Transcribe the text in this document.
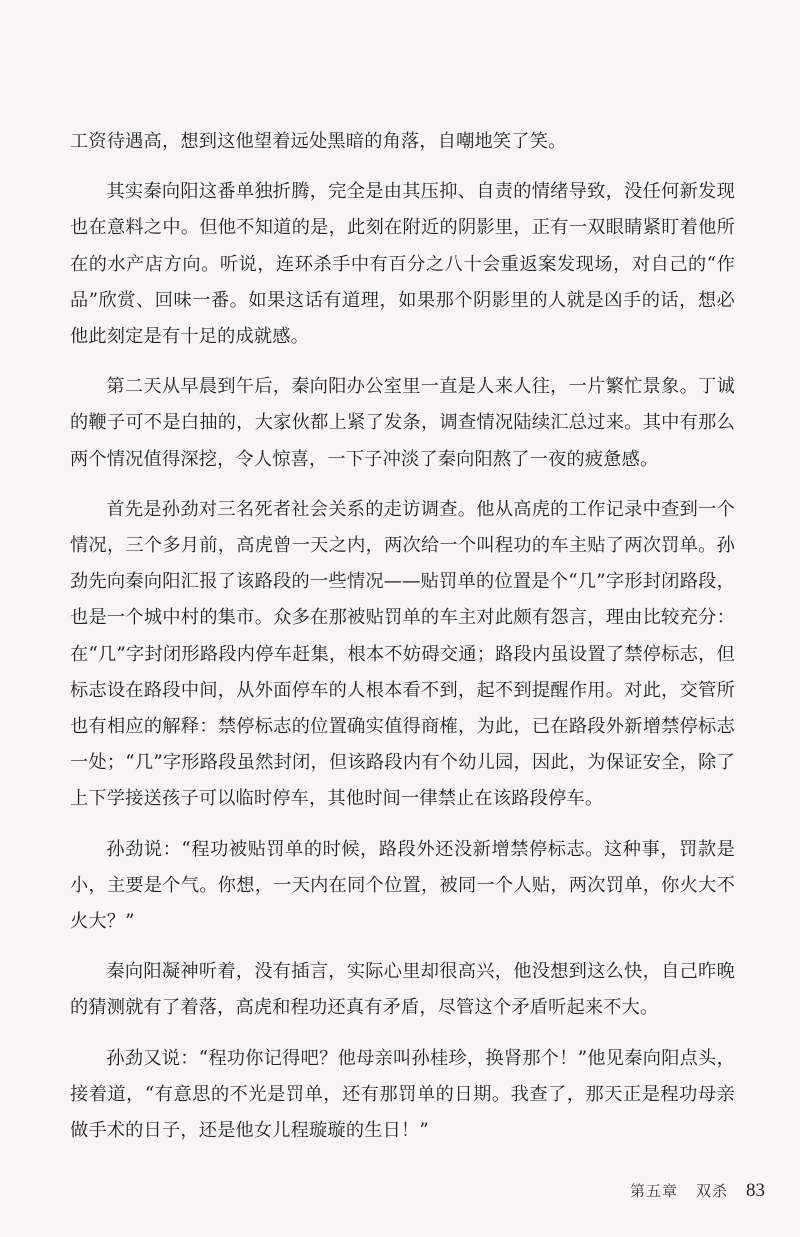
工资待遇高，想到这他望着远处黑暗的角落，自嘲地笑了笑。

其实秦向阳这番单独折腾，完全是由其压抑、自责的情绪导致，没任何新发现也在意料之中。但他不知道的是，此刻在附近的阴影里，正有一双眼睛紧盯着他所在的水产店方向。听说，连环杀手中有百分之八十会重返案发现场，对自己的“作品”欣赏、回味一番。如果这话有道理，如果那个阴影里的人就是凶手的话，想必他此刻定是有十足的成就感。

第二天从早晨到午后，秦向阳办公室里一直是人来人往，一片繁忙景象。丁诚的鞭子可不是白抽的，大家伙都上紧了发条，调查情况陆续汇总过来。其中有那么两个情况值得深挖，令人惊喜，一下子冲淡了秦向阳熬了一夜的疲惫感。

首先是孙劲对三名死者社会关系的走访调查。他从高虎的工作记录中查到一个情况，三个多月前，高虎曾一天之内，两次给一个叫程功的车主贴了两次罚单。孙劲先向秦向阳汇报了该路段的一些情况——贴罚单的位置是个“几”字形封闭路段，也是一个城中村的集市。众多在那被贴罚单的车主对此颇有怨言，理由比较充分：在“几”字封闭形路段内停车赶集，根本不妨碍交通；路段内虽设置了禁停标志，但标志设在路段中间，从外面停车的人根本看不到，起不到提醒作用。对此，交管所也有相应的解释：禁停标志的位置确实值得商榷，为此，已在路段外新增禁停标志一处；“几”字形路段虽然封闭，但该路段内有个幼儿园，因此，为保证安全，除了上下学接送孩子可以临时停车，其他时间一律禁止在该路段停车。

孙劲说：“程功被贴罚单的时候，路段外还没新增禁停标志。这种事，罚款是小，主要是个气。你想，一天内在同个位置，被同一个人贴，两次罚单，你火大不火大？”

秦向阳凝神听着，没有插言，实际心里却很高兴，他没想到这么快，自己昨晚的猜测就有了着落，高虎和程功还真有矛盾，尽管这个矛盾听起来不大。

孙劲又说：“程功你记得吧？他母亲叫孙桂珍，换肾那个！”他见秦向阳点头，接着道，“有意思的不光是罚单，还有那罚单的日期。我查了，那天正是程功母亲做手术的日子，还是他女儿程璇璇的生日！”

第五章 双杀 83
